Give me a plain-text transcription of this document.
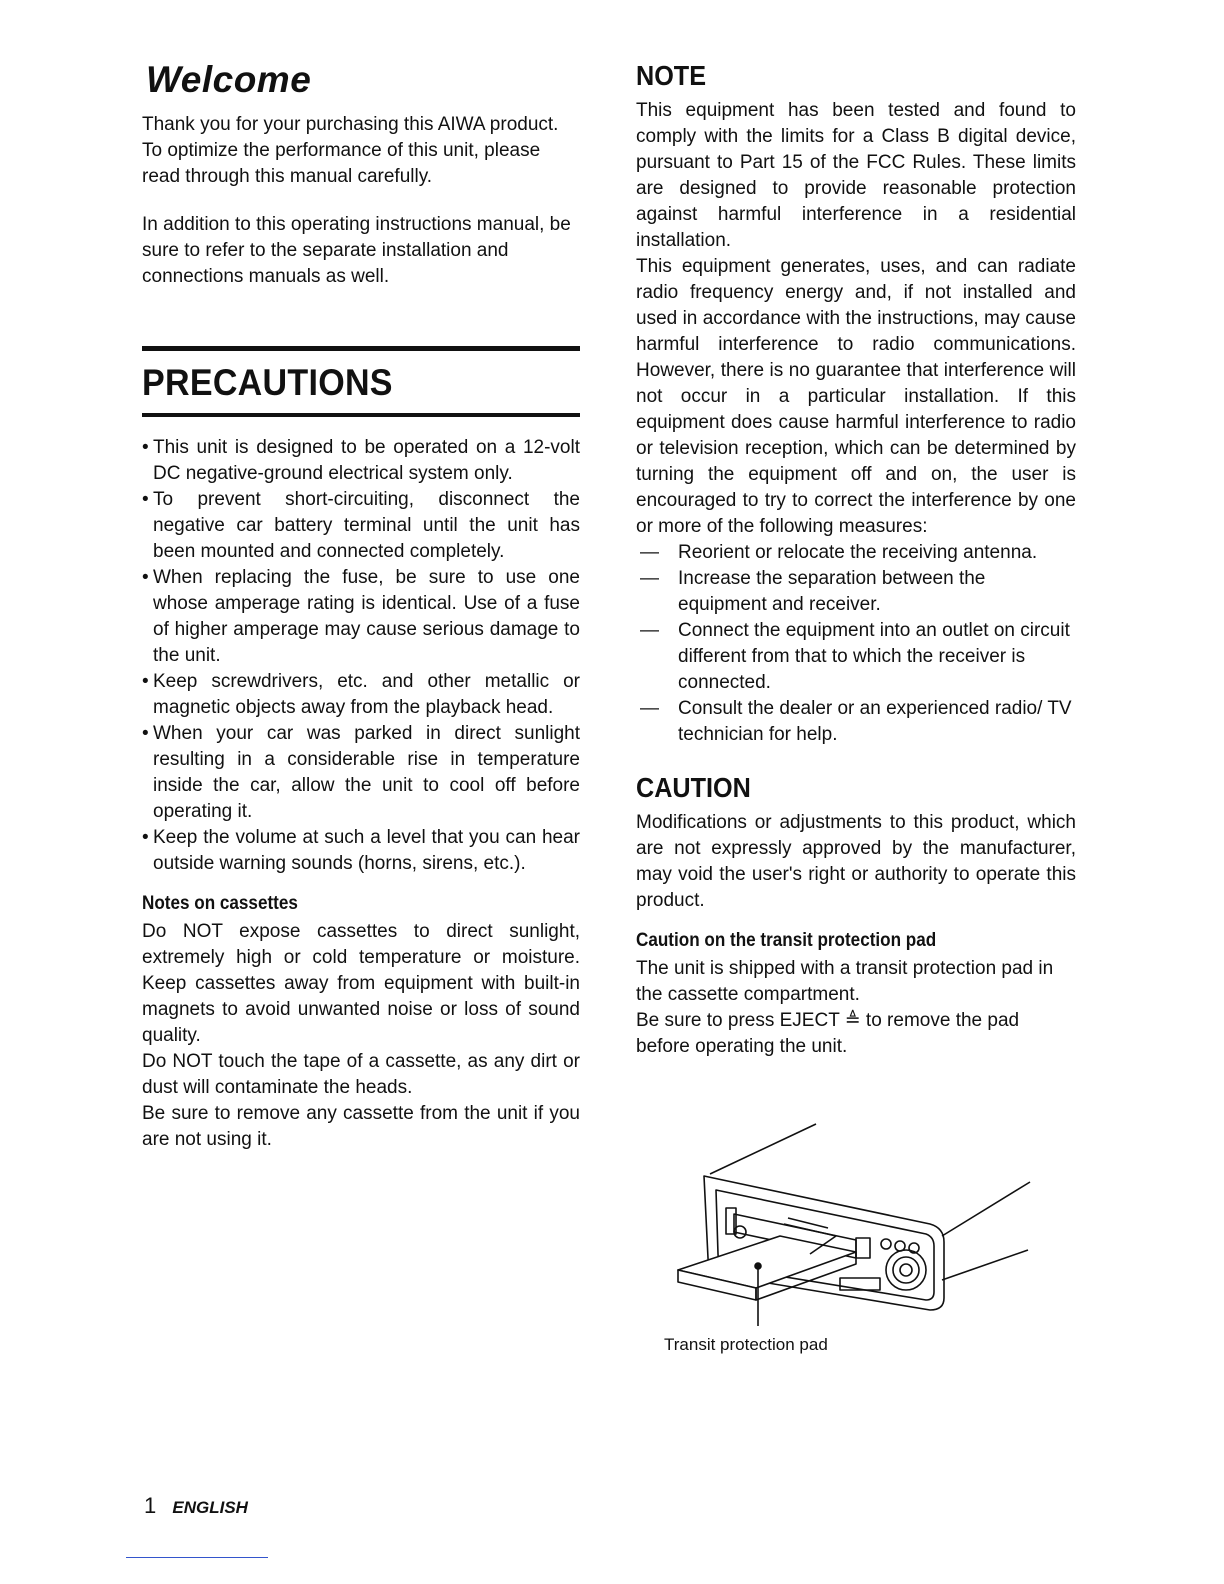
Welcome

Thank you for your purchasing this AIWA product. To optimize the performance of this unit, please read through this manual carefully.

In addition to this operating instructions manual, be sure to refer to the separate installation and connections manuals as well.

PRECAUTIONS
• This unit is designed to be operated on a 12-volt DC negative-ground electrical system only.
• To prevent short-circuiting, disconnect the negative car battery terminal until the unit has been mounted and connected completely.
• When replacing the fuse, be sure to use one whose amperage rating is identical. Use of a fuse of higher amperage may cause serious damage to the unit.
• Keep screwdrivers, etc. and other metallic or magnetic objects away from the playback head.
• When your car was parked in direct sunlight resulting in a considerable rise in temperature inside the car, allow the unit to cool off before operating it.
• Keep the volume at such a level that you can hear outside warning sounds (horns, sirens, etc.).
Notes on cassettes

Do NOT expose cassettes to direct sunlight, extremely high or cold temperature or moisture. Keep cassettes away from equipment with built-in magnets to avoid unwanted noise or loss of sound quality.

Do NOT touch the tape of a cassette, as any dirt or dust will contaminate the heads.

Be sure to remove any cassette from the unit if you are not using it.

NOTE

This equipment has been tested and found to comply with the limits for a Class B digital device, pursuant to Part 15 of the FCC Rules. These limits are designed to provide reasonable protection against harmful interference in a residential installation.

This equipment generates, uses, and can radiate radio frequency energy and, if not installed and used in accordance with the instructions, may cause harmful interference to radio communications. However, there is no guarantee that interference will not occur in a particular installation. If this equipment does cause harmful interference to radio or television reception, which can be determined by turning the equipment off and on, the user is encouraged to try to correct the interference by one or more of the following measures:

— Reorient or relocate the receiving antenna.
— Increase the separation between the equipment and receiver.
— Connect the equipment into an outlet on circuit different from that to which the receiver is connected.
— Consult the dealer or an experienced radio/ TV technician for help.
CAUTION

Modifications or adjustments to this product, which are not expressly approved by the manufacturer, may void the user's right or authority to operate this product.

Caution on the transit protection pad

The unit is shipped with a transit protection pad in the cassette compartment.

Be sure to press EJECT ≜ to remove the pad before operating the unit.

Transit protection pad
1 ENGLISH
